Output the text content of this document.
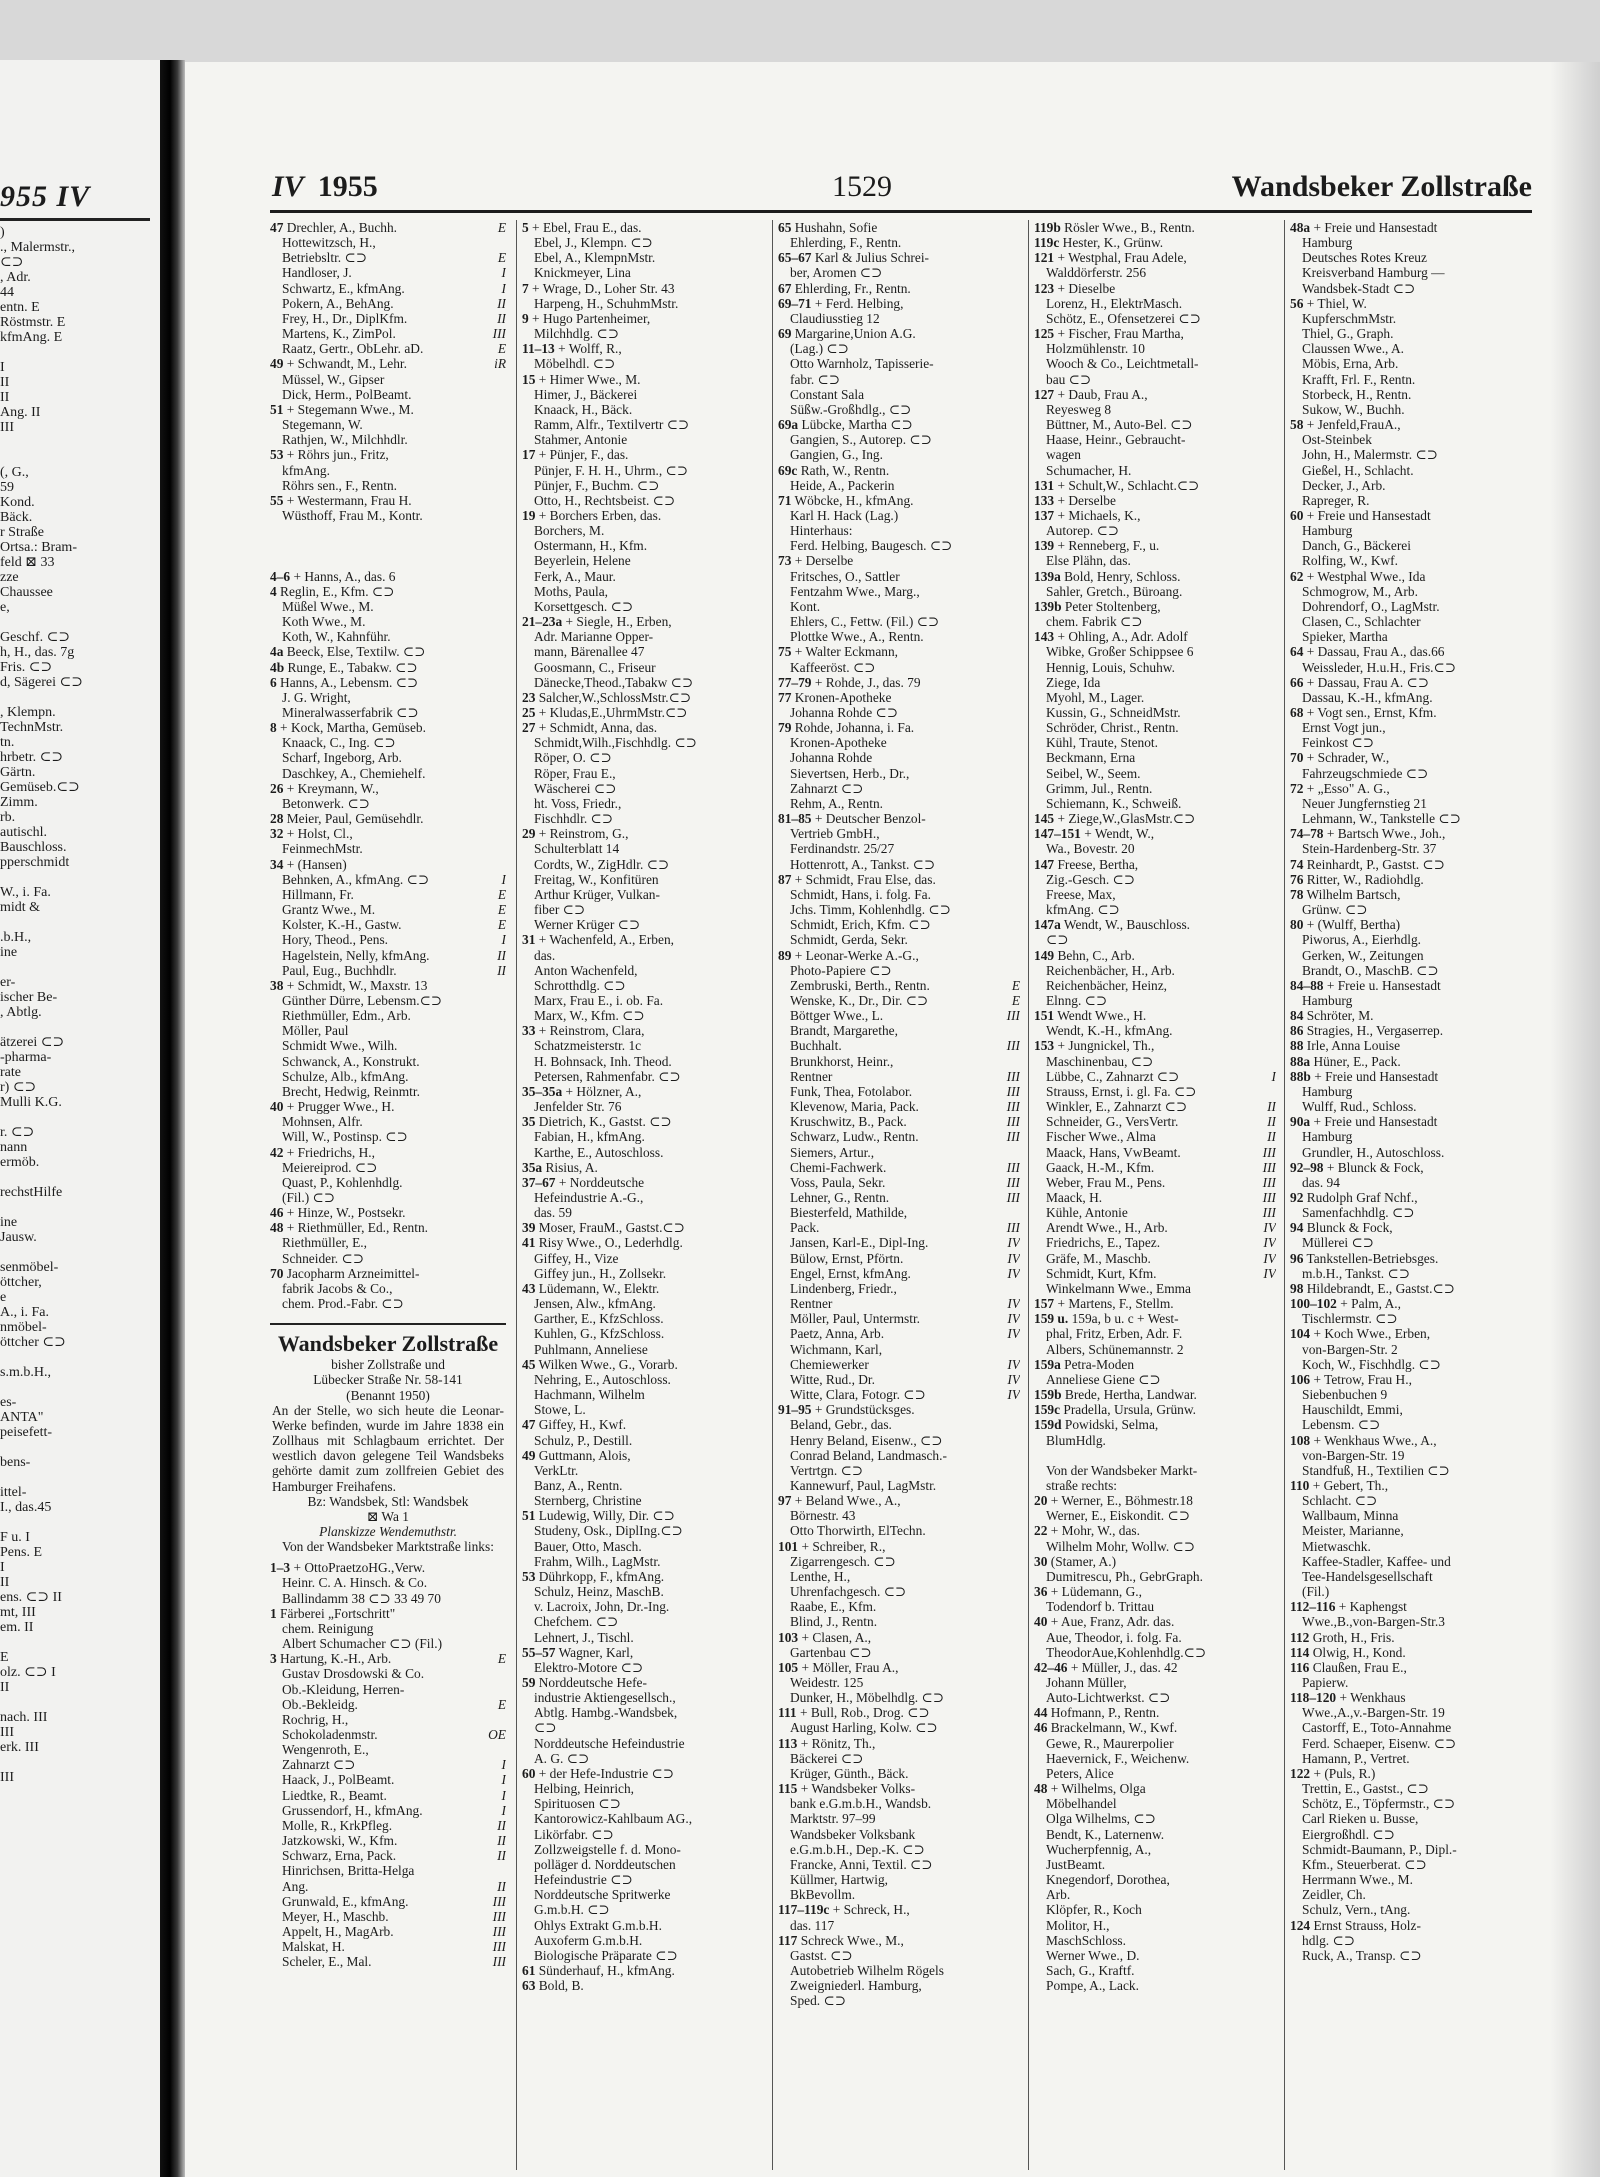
955 IV
)
., Malermstr.,
⊂⊃
, Adr.
44
entn. E
Röstmstr. E
kfmAng. E

I
II
II
Ang. II
III

(, G.,
59
Kond.
Bäck.
r Straße
Ortsa.: Bram-
feld ⊠ 33
zze
Chaussee
e,

Geschf. ⊂⊃
h, H., das. 7g
Fris. ⊂⊃
d, Sägerei ⊂⊃

, Klempn.
TechnMstr.
tn.
hrbetr. ⊂⊃
Gärtn.
Gemüseb.⊂⊃
Zimm.
rb.
autischl.
Bauschloss.
pperschmidt

W., i. Fa.
midt &

.b.H.,
ine

er-
ischer Be-
, Abtlg.

ätzerei ⊂⊃
-pharma-
rate
r) ⊂⊃
Mulli K.G.

r. ⊂⊃
nann
ermöb.

rechstHilfe

ine
Jausw.

senmöbel-
öttcher,
e
A., i. Fa.
nmöbel-
öttcher ⊂⊃

s.m.b.H.,

es-
ANTA"
peisefett-

bens-

ittel-
I., das.45

F u. I
Pens. E
I
II
ens. ⊂⊃ II
mt, III
em. II

E
olz. ⊂⊃ I
II

nach. III
III
erk. III

III
IV 1955	1529	Wandsbeker Zollstraße
E
47 Drechler, A., Buchh.
Hottewitzsch, H.,
E
Betriebsltr. ⊂⊃
I
Handloser, J.
I
Schwartz, E., kfmAng.
II
Pokern, A., BehAng.
II
Frey, H., Dr., DiplKfm.
III
Martens, K., ZimPol.
E
Raatz, Gertr., ObLehr. aD.
iR
49 + Schwandt, M., Lehr.
Müssel, W., Gipser
Dick, Herm., PolBeamt.
51 + Stegemann Wwe., M.
Stegemann, W.
Rathjen, W., Milchhdlr.
53 + Röhrs jun., Fritz,
kfmAng.
Röhrs sen., F., Rentn.
55 + Westermann, Frau H.
Wüsthoff, Frau M., Kontr.

4–6 + Hanns, A., das. 6
4 Reglin, E., Kfm. ⊂⊃
Müßel Wwe., M.
Koth Wwe., M.
Koth, W., Kahnführ.
4a Beeck, Else, Textilw. ⊂⊃
4b Runge, E., Tabakw. ⊂⊃
6 Hanns, A., Lebensm. ⊂⊃
J. G. Wright,
Mineralwasserfabrik ⊂⊃
8 + Kock, Martha, Gemüseb.
Knaack, C., Ing. ⊂⊃
Scharf, Ingeborg, Arb.
Daschkey, A., Chemiehelf.
26 + Kreymann, W.,
Betonwerk. ⊂⊃
28 Meier, Paul, Gemüsehdlr.
32 + Holst, Cl.,
FeinmechMstr.
34 + (Hansen)
I
Behnken, A., kfmAng. ⊂⊃
E
Hillmann, Fr.
E
Grantz Wwe., M.
E
Kolster, K.-H., Gastw.
I
Hory, Theod., Pens.
II
Hagelstein, Nelly, kfmAng.
II
Paul, Eug., Buchhdlr.
38 + Schmidt, W., Maxstr. 13
Günther Dürre, Lebensm.⊂⊃
Riethmüller, Edm., Arb.
Möller, Paul
Schmidt Wwe., Wilh.
Schwanck, A., Konstrukt.
Schulze, Alb., kfmAng.
Brecht, Hedwig, Reinmtr.
40 + Prugger Wwe., H.
Mohnsen, Alfr.
Will, W., Postinsp. ⊂⊃
42 + Friedrichs, H.,
Meiereiprod. ⊂⊃
Quast, P., Kohlenhdlg.
(Fil.) ⊂⊃
46 + Hinze, W., Postsekr.
48 + Riethmüller, Ed., Rentn.
Riethmüller, E.,
Schneider. ⊂⊃
70 Jacopharm Arzneimittel-
fabrik Jacobs & Co.,
chem. Prod.-Fabr. ⊂⊃
Wandsbeker Zollstraße
bisher Zollstraße und
Lübecker Straße Nr. 58-141
(Benannt 1950)
An der Stelle, wo sich heute die Leonar-Werke befinden, wurde im Jahre 1838 ein Zollhaus mit Schlagbaum errichtet. Der westlich davon gelegene Teil Wandsbeks gehörte damit zum zollfreien Gebiet des Hamburger Freihafens.
Bz: Wandsbek, Stl: Wandsbek
⊠ Wa 1
Planskizze Wendemuthstr.
Von der Wandsbeker Marktstraße links:
1–3 + OttoPraetzoHG.,Verw.
Heinr. C. A. Hinsch. & Co.
Ballindamm 38 ⊂⊃ 33 49 70
1 Färberei „Fortschritt"
chem. Reinigung
Albert Schumacher ⊂⊃ (Fil.)
E
3 Hartung, K.-H., Arb.
Gustav Drosdowski & Co.
Ob.-Kleidung, Herren-
E
Ob.-Bekleidg.
Rochrig, H.,
OE
Schokoladenmstr.
Wengenroth, E.,
I
Zahnarzt ⊂⊃
I
Haack, J., PolBeamt.
I
Liedtke, R., Beamt.
I
Grussendorf, H., kfmAng.
II
Molle, R., KrkPfleg.
II
Jatzkowski, W., Kfm.
II
Schwarz, Erna, Pack.
Hinrichsen, Britta-Helga
II
Ang.
III
Grunwald, E., kfmAng.
III
Meyer, H., Maschb.
III
Appelt, H., MagArb.
III
Malskat, H.
III
Scheler, E., Mal.
5 + Ebel, Frau E., das.
Ebel, J., Klempn. ⊂⊃
Ebel, A., KlempnMstr.
Knickmeyer, Lina
7 + Wrage, D., Loher Str. 43
Harpeng, H., SchuhmMstr.
9 + Hugo Partenheimer,
Milchhdlg. ⊂⊃
11–13 + Wolff, R.,
Möbelhdl. ⊂⊃
15 + Himer Wwe., M.
Himer, J., Bäckerei
Knaack, H., Bäck.
Ramm, Alfr., Textilvertr ⊂⊃
Stahmer, Antonie
17 + Pünjer, F., das.
Pünjer, F. H. H., Uhrm., ⊂⊃
Pünjer, F., Buchm. ⊂⊃
Otto, H., Rechtsbeist. ⊂⊃
19 + Borchers Erben, das.
Borchers, M.
Ostermann, H., Kfm.
Beyerlein, Helene
Ferk, A., Maur.
Moths, Paula,
Korsettgesch. ⊂⊃
21–23a + Siegle, H., Erben,
Adr. Marianne Opper-
mann, Bärenallee 47
Goosmann, C., Friseur
Dänecke,Theod.,Tabakw ⊂⊃
23 Salcher,W.,SchlossMstr.⊂⊃
25 + Kludas,E.,UhrmMstr.⊂⊃
27 + Schmidt, Anna, das.
Schmidt,Wilh.,Fischhdlg. ⊂⊃
Röper, O. ⊂⊃
Röper, Frau E.,
Wäscherei ⊂⊃
ht. Voss, Friedr.,
Fischhdlr. ⊂⊃
29 + Reinstrom, G.,
Schulterblatt 14
Cordts, W., ZigHdlr. ⊂⊃
Freitag, W., Konfitüren
Arthur Krüger, Vulkan-
fiber ⊂⊃
Werner Krüger ⊂⊃
31 + Wachenfeld, A., Erben,
das.
Anton Wachenfeld,
Schrotthdlg. ⊂⊃
Marx, Frau E., i. ob. Fa.
Marx, W., Kfm. ⊂⊃
33 + Reinstrom, Clara,
Schatzmeisterstr. 1c
H. Bohnsack, Inh. Theod.
Petersen, Rahmenfabr. ⊂⊃
35–35a + Hölzner, A.,
Jenfelder Str. 76
35 Dietrich, K., Gastst. ⊂⊃
Fabian, H., kfmAng.
Karthe, E., Autoschloss.
35a Risius, A.
37–67 + Norddeutsche
Hefeindustrie A.-G.,
das. 59
39 Moser, FrauM., Gastst.⊂⊃
41 Risy Wwe., O., Lederhdlg.
Giffey, H., Vize
Giffey jun., H., Zollsekr.
43 Lüdemann, W., Elektr.
Jensen, Alw., kfmAng.
Garther, E., KfzSchloss.
Kuhlen, G., KfzSchloss.
Puhlmann, Anneliese
45 Wilken Wwe., G., Vorarb.
Nehring, E., Autoschloss.
Hachmann, Wilhelm
Stowe, L.
47 Giffey, H., Kwf.
Schulz, P., Destill.
49 Guttmann, Alois,
VerkLtr.
Banz, A., Rentn.
Sternberg, Christine
51 Ludewig, Willy, Dir. ⊂⊃
Studeny, Osk., DiplIng.⊂⊃
Bauer, Otto, Masch.
Frahm, Wilh., LagMstr.
53 Dührkopp, F., kfmAng.
Schulz, Heinz, MaschB.
v. Lacroix, John, Dr.-Ing.
Chefchem. ⊂⊃
Lehnert, J., Tischl.
55–57 Wagner, Karl,
Elektro-Motore ⊂⊃
59 Norddeutsche Hefe-
industrie Aktiengesellsch.,
Abtlg. Hambg.-Wandsbek,
⊂⊃
Norddeutsche Hefeindustrie
A. G. ⊂⊃
60 + der Hefe-Industrie ⊂⊃
Helbing, Heinrich,
Spirituosen ⊂⊃
Kantorowicz-Kahlbaum AG.,
Likörfabr. ⊂⊃
Zollzweigstelle f. d. Mono-
polläger d. Norddeutschen
Hefeindustrie ⊂⊃
Norddeutsche Spritwerke
G.m.b.H. ⊂⊃
Ohlys Extrakt G.m.b.H.
Auxoferm G.m.b.H.
Biologische Präparate ⊂⊃
61 Sünderhauf, H., kfmAng.
63 Bold, B.
65 Hushahn, Sofie
Ehlerding, F., Rentn.
65–67 Karl & Julius Schrei-
ber, Aromen ⊂⊃
67 Ehlerding, Fr., Rentn.
69–71 + Ferd. Helbing,
Claudiusstieg 12
69 Margarine,Union A.G.
(Lag.) ⊂⊃
Otto Warnholz, Tapisserie-
fabr. ⊂⊃
Constant Sala
Süßw.-Großhdlg., ⊂⊃
69a Lübcke, Martha ⊂⊃
Gangien, S., Autorep. ⊂⊃
Gangien, G., Ing.
69c Rath, W., Rentn.
Heide, A., Packerin
71 Wöbcke, H., kfmAng.
Karl H. Hack (Lag.)
Hinterhaus:
Ferd. Helbing, Baugesch. ⊂⊃
73 + Derselbe
Fritsches, O., Sattler
Fentzahm Wwe., Marg.,
Kont.
Ehlers, C., Fettw. (Fil.) ⊂⊃
Plottke Wwe., A., Rentn.
75 + Walter Eckmann,
Kaffeeröst. ⊂⊃
77–79 + Rohde, J., das. 79
77 Kronen-Apotheke
Johanna Rohde ⊂⊃
79 Rohde, Johanna, i. Fa.
Kronen-Apotheke
Johanna Rohde
Sievertsen, Herb., Dr.,
Zahnarzt ⊂⊃
Rehm, A., Rentn.
81–85 + Deutscher Benzol-
Vertrieb GmbH.,
Ferdinandstr. 25/27
Hottenrott, A., Tankst. ⊂⊃
87 + Schmidt, Frau Else, das.
Schmidt, Hans, i. folg. Fa.
Jchs. Timm, Kohlenhdlg. ⊂⊃
Schmidt, Erich, Kfm. ⊂⊃
Schmidt, Gerda, Sekr.
89 + Leonar-Werke A.-G.,
Photo-Papiere ⊂⊃
E
Zembruski, Berth., Rentn.
E
Wenske, K., Dr., Dir. ⊂⊃
III
Böttger Wwe., L.
Brandt, Margarethe,
III
Buchhalt.
Brunkhorst, Heinr.,
III
Rentner
III
Funk, Thea, Fotolabor.
III
Klevenow, Maria, Pack.
III
Kruschwitz, B., Pack.
III
Schwarz, Ludw., Rentn.
Siemers, Artur.,
III
Chemi-Fachwerk.
III
Voss, Paula, Sekr.
III
Lehner, G., Rentn.
Biesterfeld, Mathilde,
III
Pack.
IV
Jansen, Karl-E., Dipl-Ing.
IV
Bülow, Ernst, Pförtn.
IV
Engel, Ernst, kfmAng.
Lindenberg, Friedr.,
IV
Rentner
IV
Möller, Paul, Untermstr.
IV
Paetz, Anna, Arb.
Wichmann, Karl,
IV
Chemiewerker
IV
Witte, Rud., Dr.
IV
Witte, Clara, Fotogr. ⊂⊃
91–95 + Grundstücksges.
Beland, Gebr., das.
Henry Beland, Eisenw., ⊂⊃
Conrad Beland, Landmasch.-
Vertrtgn. ⊂⊃
Kannewurf, Paul, LagMstr.
97 + Beland Wwe., A.,
Börnestr. 43
Otto Thorwirth, ElTechn.
101 + Schreiber, R.,
Zigarrengesch. ⊂⊃
Lenthe, H.,
Uhrenfachgesch. ⊂⊃
Raabe, E., Kfm.
Blind, J., Rentn.
103 + Clasen, A.,
Gartenbau ⊂⊃
105 + Möller, Frau A.,
Weidestr. 125
Dunker, H., Möbelhdlg. ⊂⊃
111 + Bull, Rob., Drog. ⊂⊃
August Harling, Kolw. ⊂⊃
113 + Rönitz, Th.,
Bäckerei ⊂⊃
Krüger, Günth., Bäck.
115 + Wandsbeker Volks-
bank e.G.m.b.H., Wandsb.
Marktstr. 97–99
Wandsbeker Volksbank
e.G.m.b.H., Dep.-K. ⊂⊃
Francke, Anni, Textil. ⊂⊃
Küllmer, Hartwig,
BkBevollm.
117–119c + Schreck, H.,
das. 117
117 Schreck Wwe., M.,
Gastst. ⊂⊃
Autobetrieb Wilhelm Rögels
Zweigniederl. Hamburg,
Sped. ⊂⊃
119b Rösler Wwe., B., Rentn.
119c Hester, K., Grünw.
121 + Westphal, Frau Adele,
Walddörferstr. 256
123 + Dieselbe
Lorenz, H., ElektrMasch.
Schötz, E., Ofensetzerei ⊂⊃
125 + Fischer, Frau Martha,
Holzmühlenstr. 10
Wooch & Co., Leichtmetall-
bau ⊂⊃
127 + Daub, Frau A.,
Reyesweg 8
Büttner, M., Auto-Bel. ⊂⊃
Haase, Heinr., Gebraucht-
wagen
Schumacher, H.
131 + Schult,W., Schlacht.⊂⊃
133 + Derselbe
137 + Michaels, K.,
Autorep. ⊂⊃
139 + Renneberg, F., u.
Else Plähn, das.
139a Bold, Henry, Schloss.
Sahler, Gretch., Büroang.
139b Peter Stoltenberg,
chem. Fabrik ⊂⊃
143 + Ohling, A., Adr. Adolf
Wibke, Großer Schippsee 6
Hennig, Louis, Schuhw.
Ziege, Ida
Myohl, M., Lager.
Kussin, G., SchneidMstr.
Schröder, Christ., Rentn.
Kühl, Traute, Stenot.
Beckmann, Erna
Seibel, W., Seem.
Grimm, Jul., Rentn.
Schiemann, K., Schweiß.
145 + Ziege,W.,GlasMstr.⊂⊃
147–151 + Wendt, W.,
Wa., Bovestr. 20
147 Freese, Bertha,
Zig.-Gesch. ⊂⊃
Freese, Max,
kfmAng. ⊂⊃
147a Wendt, W., Bauschloss.
⊂⊃
149 Behn, C., Arb.
Reichenbächer, H., Arb.
Reichenbächer, Heinz,
Elnng. ⊂⊃
151 Wendt Wwe., H.
Wendt, K.-H., kfmAng.
153 + Jungnickel, Th.,
Maschinenbau, ⊂⊃
I
Lübbe, C., Zahnarzt ⊂⊃
Strauss, Ernst, i. gl. Fa. ⊂⊃
II
Winkler, E., Zahnarzt ⊂⊃
II
Schneider, G., VersVertr.
II
Fischer Wwe., Alma
III
Maack, Hans, VwBeamt.
III
Gaack, H.-M., Kfm.
III
Weber, Frau M., Pens.
III
Maack, H.
III
Kühle, Antonie
IV
Arendt Wwe., H., Arb.
IV
Friedrichs, E., Tapez.
IV
Gräfe, M., Maschb.
IV
Schmidt, Kurt, Kfm.
Winkelmann Wwe., Emma
157 + Martens, F., Stellm.
159 u. 159a, b u. c + West-
phal, Fritz, Erben, Adr. F.
Albers, Schünemannstr. 2
159a Petra-Moden
Anneliese Giene ⊂⊃
159b Brede, Hertha, Landwar.
159c Pradella, Ursula, Grünw.
159d Powidski, Selma,
BlumHdlg.

Von der Wandsbeker Markt-
straße rechts:
20 + Werner, E., Böhmestr.18
Werner, E., Eiskondit. ⊂⊃
22 + Mohr, W., das.
Wilhelm Mohr, Wollw. ⊂⊃
30 (Stamer, A.)
Dumitrescu, Ph., GebrGraph.
36 + Lüdemann, G.,
Todendorf b. Trittau
40 + Aue, Franz, Adr. das.
Aue, Theodor, i. folg. Fa.
TheodorAue,Kohlenhdlg.⊂⊃
42–46 + Müller, J., das. 42
Johann Müller,
Auto-Lichtwerkst. ⊂⊃
44 Hofmann, P., Rentn.
46 Brackelmann, W., Kwf.
Gewe, R., Maurerpolier
Haevernick, F., Weichenw.
Peters, Alice
48 + Wilhelms, Olga
Möbelhandel
Olga Wilhelms, ⊂⊃
Bendt, K., Laternenw.
Wucherpfennig, A.,
JustBeamt.
Knegendorf, Dorothea,
Arb.
Klöpfer, R., Koch
Molitor, H.,
MaschSchloss.
Werner Wwe., D.
Sach, G., Kraftf.
Pompe, A., Lack.
48a + Freie und Hansestadt
Hamburg
Deutsches Rotes Kreuz
Kreisverband Hamburg —
Wandsbek-Stadt ⊂⊃
56 + Thiel, W.
KupferschmMstr.
Thiel, G., Graph.
Claussen Wwe., A.
Möbis, Erna, Arb.
Krafft, Frl. F., Rentn.
Storbeck, H., Rentn.
Sukow, W., Buchh.
58 + Jenfeld,FrauA.,
Ost-Steinbek
John, H., Malermstr. ⊂⊃
Gießel, H., Schlacht.
Decker, J., Arb.
Rapreger, R.
60 + Freie und Hansestadt
Hamburg
Danch, G., Bäckerei
Rolfing, W., Kwf.
62 + Westphal Wwe., Ida
Schmogrow, M., Arb.
Dohrendorf, O., LagMstr.
Clasen, C., Schlachter
Spieker, Martha
64 + Dassau, Frau A., das.66
Weissleder, H.u.H., Fris.⊂⊃
66 + Dassau, Frau A. ⊂⊃
Dassau, K.-H., kfmAng.
68 + Vogt sen., Ernst, Kfm.
Ernst Vogt jun.,
Feinkost ⊂⊃
70 + Schrader, W.,
Fahrzeugschmiede ⊂⊃
72 + „Esso" A. G.,
Neuer Jungfernstieg 21
Lehmann, W., Tankstelle ⊂⊃
74–78 + Bartsch Wwe., Joh.,
Stein-Hardenberg-Str. 37
74 Reinhardt, P., Gastst. ⊂⊃
76 Ritter, W., Radiohdlg.
78 Wilhelm Bartsch,
Grünw. ⊂⊃
80 + (Wulff, Bertha)
Piworus, A., Eierhdlg.
Gerken, W., Zeitungen
Brandt, O., MaschB. ⊂⊃
84–88 + Freie u. Hansestadt
Hamburg
84 Schröter, M.
86 Stragies, H., Vergaserrep.
88 Irle, Anna Louise
88a Hüner, E., Pack.
88b + Freie und Hansestadt
Hamburg
Wulff, Rud., Schloss.
90a + Freie und Hansestadt
Hamburg
Grundler, H., Autoschloss.
92–98 + Blunck & Fock,
das. 94
92 Rudolph Graf Nchf.,
Samenfachhdlg. ⊂⊃
94 Blunck & Fock,
Müllerei ⊂⊃
96 Tankstellen-Betriebsges.
m.b.H., Tankst. ⊂⊃
98 Hildebrandt, E., Gastst.⊂⊃
100–102 + Palm, A.,
Tischlermstr. ⊂⊃
104 + Koch Wwe., Erben,
von-Bargen-Str. 2
Koch, W., Fischhdlg. ⊂⊃
106 + Tetrow, Frau H.,
Siebenbuchen 9
Hauschildt, Emmi,
Lebensm. ⊂⊃
108 + Wenkhaus Wwe., A.,
von-Bargen-Str. 19
Standfuß, H., Textilien ⊂⊃
110 + Gebert, Th.,
Schlacht. ⊂⊃
Wallbaum, Minna
Meister, Marianne,
Mietwaschk.
Kaffee-Stadler, Kaffee- und
Tee-Handelsgesellschaft
(Fil.)
112–116 + Kaphengst
Wwe.,B.,von-Bargen-Str.3
112 Groth, H., Fris.
114 Olwig, H., Kond.
116 Claußen, Frau E.,
Papierw.
118–120 + Wenkhaus
Wwe.,A.,v.-Bargen-Str. 19
Castorff, E., Toto-Annahme
Ferd. Schaeper, Eisenw. ⊂⊃
Hamann, P., Vertret.
122 + (Puls, R.)
Trettin, E., Gastst., ⊂⊃
Schötz, E., Töpfermstr., ⊂⊃
Carl Rieken u. Busse,
Eiergroßhdl. ⊂⊃
Schmidt-Baumann, P., Dipl.-
Kfm., Steuerberat. ⊂⊃
Herrmann Wwe., M.
Zeidler, Ch.
Schulz, Vern., tAng.
124 Ernst Strauss, Holz-
hdlg. ⊂⊃
Ruck, A., Transp. ⊂⊃
